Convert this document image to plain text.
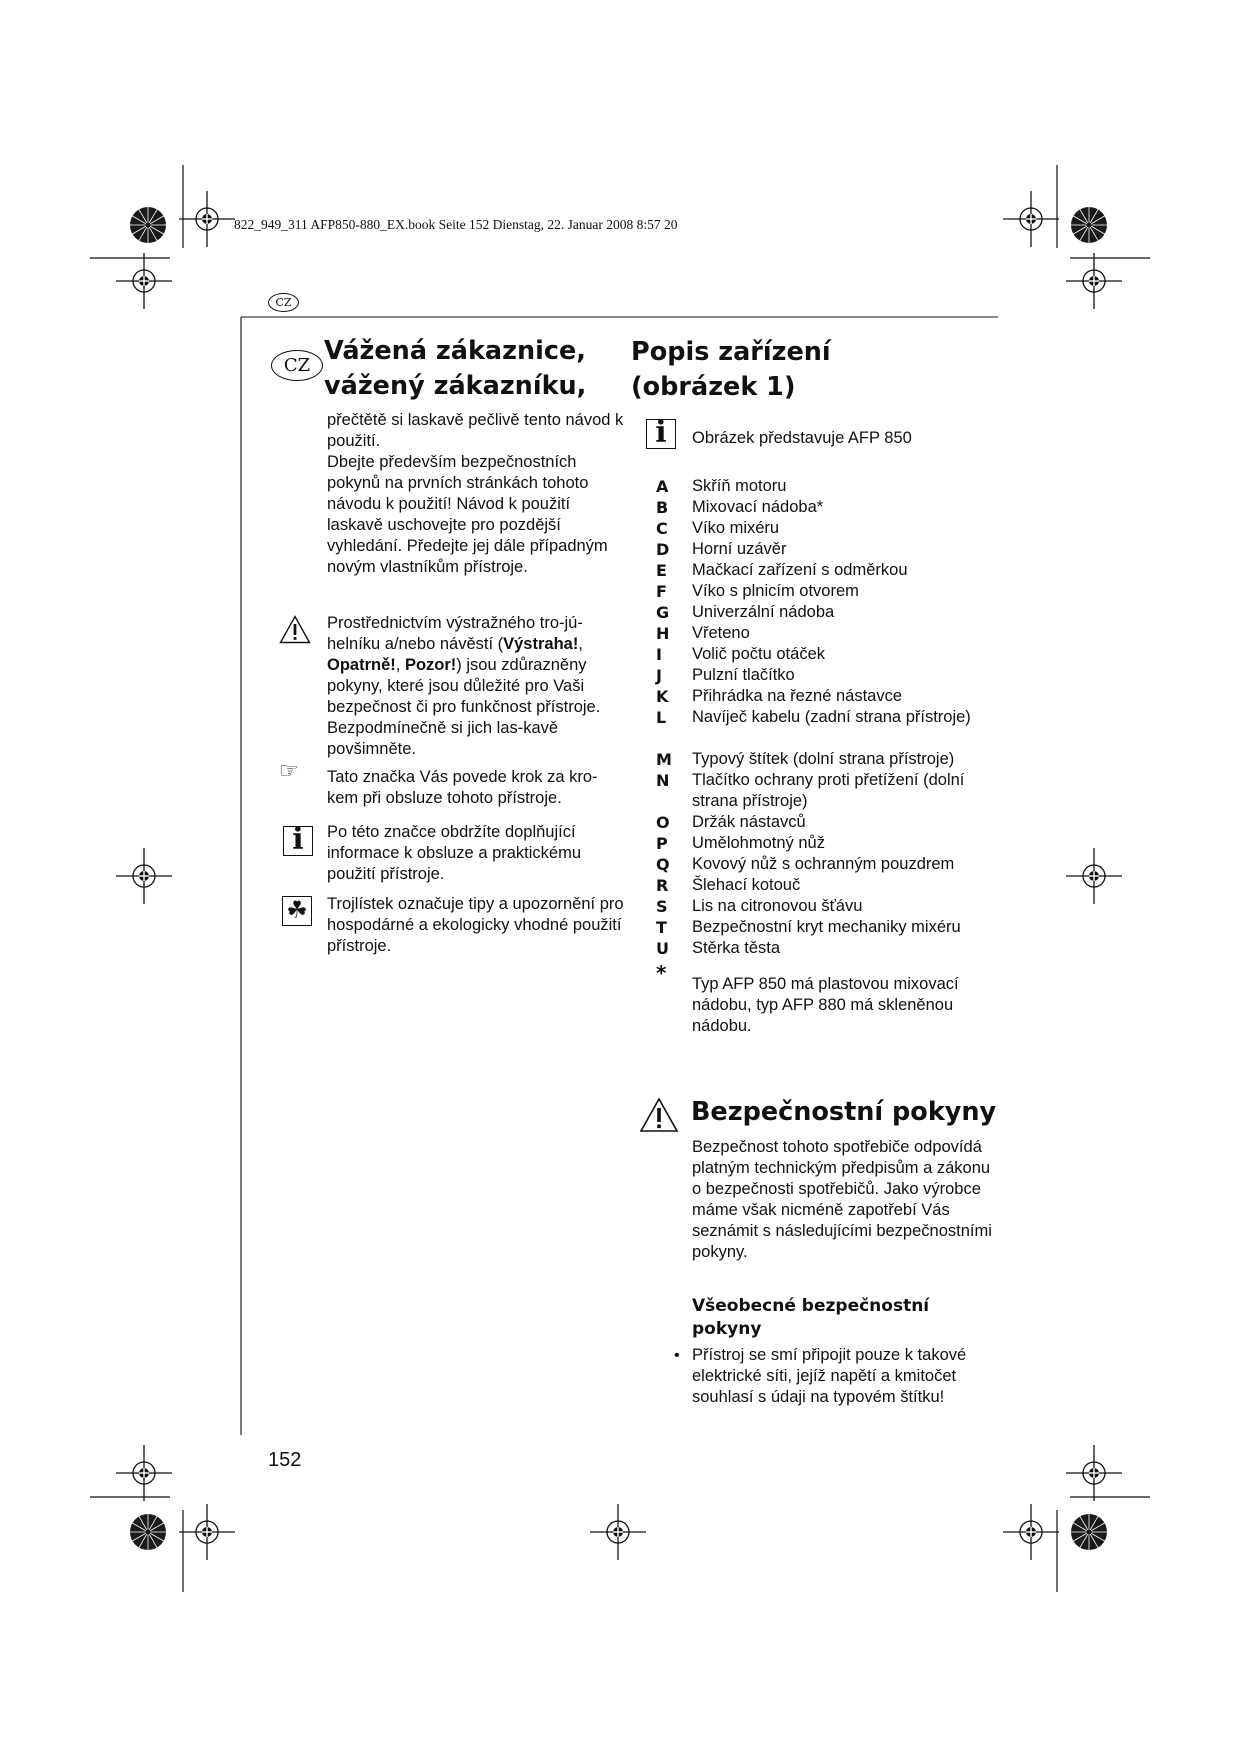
822_949_311 AFP850-880_EX.book Seite 152 Dienstag, 22. Januar 2008 8:57 20
CZ
CZ Vážená zákaznice,
vážený zákazníku,

přečtětě si laskavě pečlivě tento návod k použití.

Dbejte především bezpečnostních pokynů na prvních stránkách tohoto návodu k použití! Návod k použití laskavě uschovejte pro pozdější vyhledání. Předejte jej dále případným novým vlastníkům přístroje.

Prostřednictvím výstražného tro-júhelníku a/nebo návěstí (Výstraha!, Opatrně!, Pozor!) jsou zdůrazněny pokyny, které jsou důležité pro Vaši bezpečnost či pro funkčnost přístroje. Bezpodmínečně si jich las-kavě povšimněte.

☞ Tato značka Vás povede krok za kro-kem při obsluze tohoto přístroje.

i	Po této značce obdržíte doplňující informace k obsluze a praktickému použití přístroje.

☘ Trojlístek označuje tipy a upozornění pro hospodárné a ekologicky vhodné použití přístroje.

Popis zařízení
(obrázek 1)
i	Obrázek představuje AFP 850

A	Skříň motoru
B	Mixovací nádoba*
C	Víko mixéru
D	Horní uzávěr
E	Mačkací zařízení s odměrkou
F	Víko s plnicím otvorem
G	Univerzální nádoba
H	Vřeteno
I	Volič počtu otáček
J	Pulzní tlačítko
K	Přihrádka na řezné nástavce
L	Navíječ kabelu (zadní strana přístroje)
M Typový štítek (dolní strana přístroje)
N	Tlačítko ochrany proti přetížení (dolní strana přístroje)
O	Držák nástavců
P	Umělohmotný nůž
Q	Kovový nůž s ochranným pouzdrem
R	Šlehací kotouč
S	Lis na citronovou šťávu
T	Bezpečnostní kryt mechaniky mixéru
U	Stěrka těsta
* Typ AFP 850 má plastovou mixovací nádobu, typ AFP 880 má skleněnou nádobu.

Bezpečnostní pokyny

Bezpečnost tohoto spotřebiče odpovídá platným technickým předpisům a zákonu o bezpečnosti spotřebičů. Jako výrobce máme však nicméně zapotřebí Vás seznámit s následujícími bezpečnostními pokyny.

Všeobecné bezpečnostní
pokyny
• Přístroj se smí připojit pouze k takové elektrické síti, jejíž napětí a kmitočet souhlasí s údaji na typovém štítku!

152
